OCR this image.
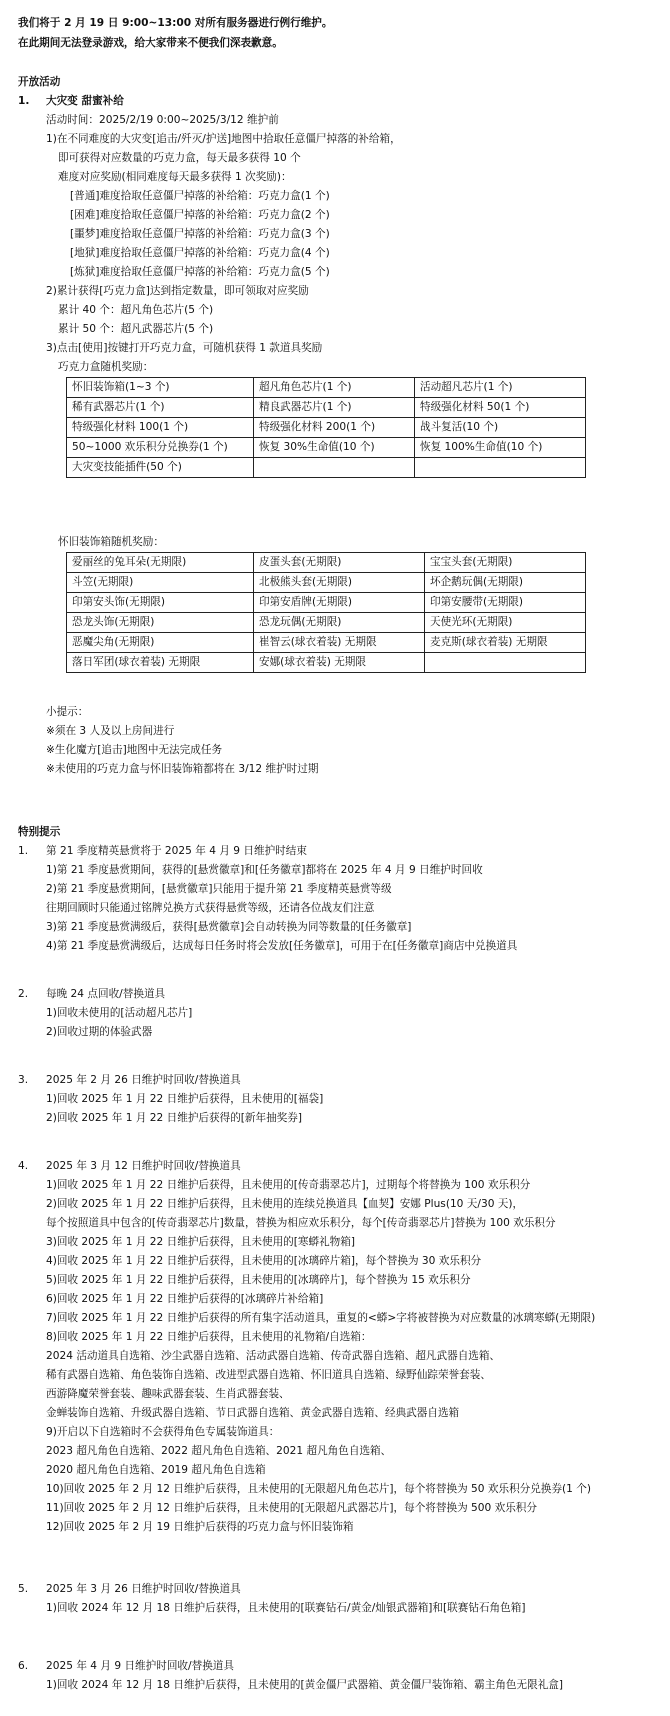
我们将于 2 月 19 日 9:00~13:00 对所有服务器进行例行维护。
在此期间无法登录游戏，给大家带来不便我们深表歉意。
开放活动
1. 大灾变 甜蜜补给
活动时间：2025/2/19 0:00~2025/3/12 维护前
1)在不同难度的大灾变[追击/歼灭/护送]地图中拾取任意僵尸掉落的补给箱，
即可获得对应数量的巧克力盒，每天最多获得 10 个
难度对应奖励(相同难度每天最多获得 1 次奖励)：
[普通]难度拾取任意僵尸掉落的补给箱：巧克力盒(1 个)
[困难]难度拾取任意僵尸掉落的补给箱：巧克力盒(2 个)
[噩梦]难度拾取任意僵尸掉落的补给箱：巧克力盒(3 个)
[地狱]难度拾取任意僵尸掉落的补给箱：巧克力盒(4 个)
[炼狱]难度拾取任意僵尸掉落的补给箱：巧克力盒(5 个)
2)累计获得[巧克力盒]达到指定数量，即可领取对应奖励
累计 40 个：超凡角色芯片(5 个)
累计 50 个：超凡武器芯片(5 个)
3)点击[使用]按键打开巧克力盒，可随机获得 1 款道具奖励
巧克力盒随机奖励：
怀旧装饰箱(1~3 个)	超凡角色芯片(1 个)	活动超凡芯片(1 个)
稀有武器芯片(1 个)	精良武器芯片(1 个)	特级强化材料 50(1 个)
特级强化材料 100(1 个)	特级强化材料 200(1 个)	战斗复活(10 个)
50~1000 欢乐积分兑换券(1 个)	恢复 30%生命值(10 个)	恢复 100%生命值(10 个)
大灾变技能插件(50 个)		
怀旧装饰箱随机奖励：
爱丽丝的兔耳朵(无期限)	皮蛋头套(无期限)	宝宝头套(无期限)
斗笠(无期限)	北极熊头套(无期限)	坏企鹅玩偶(无期限)
印第安头饰(无期限)	印第安盾牌(无期限)	印第安腰带(无期限)
恐龙头饰(无期限)	恐龙玩偶(无期限)	天使光环(无期限)
恶魔尖角(无期限)	崔智云(球衣着装) 无期限	麦克斯(球衣着装) 无期限
落日军团(球衣着装) 无期限	安娜(球衣着装) 无期限	
小提示：
※须在 3 人及以上房间进行
※生化魔方[追击]地图中无法完成任务
※未使用的巧克力盒与怀旧装饰箱都将在 3/12 维护时过期
特别提示
1. 第 21 季度精英悬赏将于 2025 年 4 月 9 日维护时结束
1)第 21 季度悬赏期间，获得的[悬赏徽章]和[任务徽章]都将在 2025 年 4 月 9 日维护时回收
2)第 21 季度悬赏期间，[悬赏徽章]只能用于提升第 21 季度精英悬赏等级
往期回顾时只能通过铭牌兑换方式获得悬赏等级，还请各位战友们注意
3)第 21 季度悬赏满级后，获得[悬赏徽章]会自动转换为同等数量的[任务徽章]
4)第 21 季度悬赏满级后，达成每日任务时将会发放[任务徽章]，可用于在[任务徽章]商店中兑换道具
2. 每晚 24 点回收/替换道具
1)回收未使用的[活动超凡芯片]
2)回收过期的体验武器
3. 2025 年 2 月 26 日维护时回收/替换道具
1)回收 2025 年 1 月 22 日维护后获得，且未使用的[福袋]
2)回收 2025 年 1 月 22 日维护后获得的[新年抽奖券]
4. 2025 年 3 月 12 日维护时回收/替换道具
1)回收 2025 年 1 月 22 日维护后获得，且未使用的[传奇翡翠芯片]，过期每个将替换为 100 欢乐积分
2)回收 2025 年 1 月 22 日维护后获得，且未使用的连续兑换道具【血契】安娜 Plus(10 天/30 天)，
每个按照道具中包含的[传奇翡翠芯片]数量，替换为相应欢乐积分，每个[传奇翡翠芯片]替换为 100 欢乐积分
3)回收 2025 年 1 月 22 日维护后获得，且未使用的[寒蟒礼物箱]
4)回收 2025 年 1 月 22 日维护后获得，且未使用的[冰璃碎片箱]，每个替换为 30 欢乐积分
5)回收 2025 年 1 月 22 日维护后获得，且未使用的[冰璃碎片]，每个替换为 15 欢乐积分
6)回收 2025 年 1 月 22 日维护后获得的[冰璃碎片补给箱]
7)回收 2025 年 1 月 22 日维护后获得的所有集字活动道具，重复的<蟒>字将被替换为对应数量的冰璃寒蟒(无期限)
8)回收 2025 年 1 月 22 日维护后获得，且未使用的礼物箱/自选箱：
2024 活动道具自选箱、沙尘武器自选箱、活动武器自选箱、传奇武器自选箱、超凡武器自选箱、
稀有武器自选箱、角色装饰自选箱、改进型武器自选箱、怀旧道具自选箱、绿野仙踪荣誉套装、
西游降魔荣誉套装、趣味武器套装、生肖武器套装、
金蝉装饰自选箱、升级武器自选箱、节日武器自选箱、黄金武器自选箱、经典武器自选箱
9)开启以下自选箱时不会获得角色专属装饰道具：
2023 超凡角色自选箱、2022 超凡角色自选箱、2021 超凡角色自选箱、
2020 超凡角色自选箱、2019 超凡角色自选箱
10)回收 2025 年 2 月 12 日维护后获得，且未使用的[无限超凡角色芯片]，每个将替换为 50 欢乐积分兑换券(1 个)
11)回收 2025 年 2 月 12 日维护后获得，且未使用的[无限超凡武器芯片]，每个将替换为 500 欢乐积分
12)回收 2025 年 2 月 19 日维护后获得的巧克力盒与怀旧装饰箱
5. 2025 年 3 月 26 日维护时回收/替换道具
1)回收 2024 年 12 月 18 日维护后获得，且未使用的[联赛钻石/黄金/灿银武器箱]和[联赛钻石角色箱]
6. 2025 年 4 月 9 日维护时回收/替换道具
1)回收 2024 年 12 月 18 日维护后获得，且未使用的[黄金僵尸武器箱、黄金僵尸装饰箱、霸主角色无限礼盒]
